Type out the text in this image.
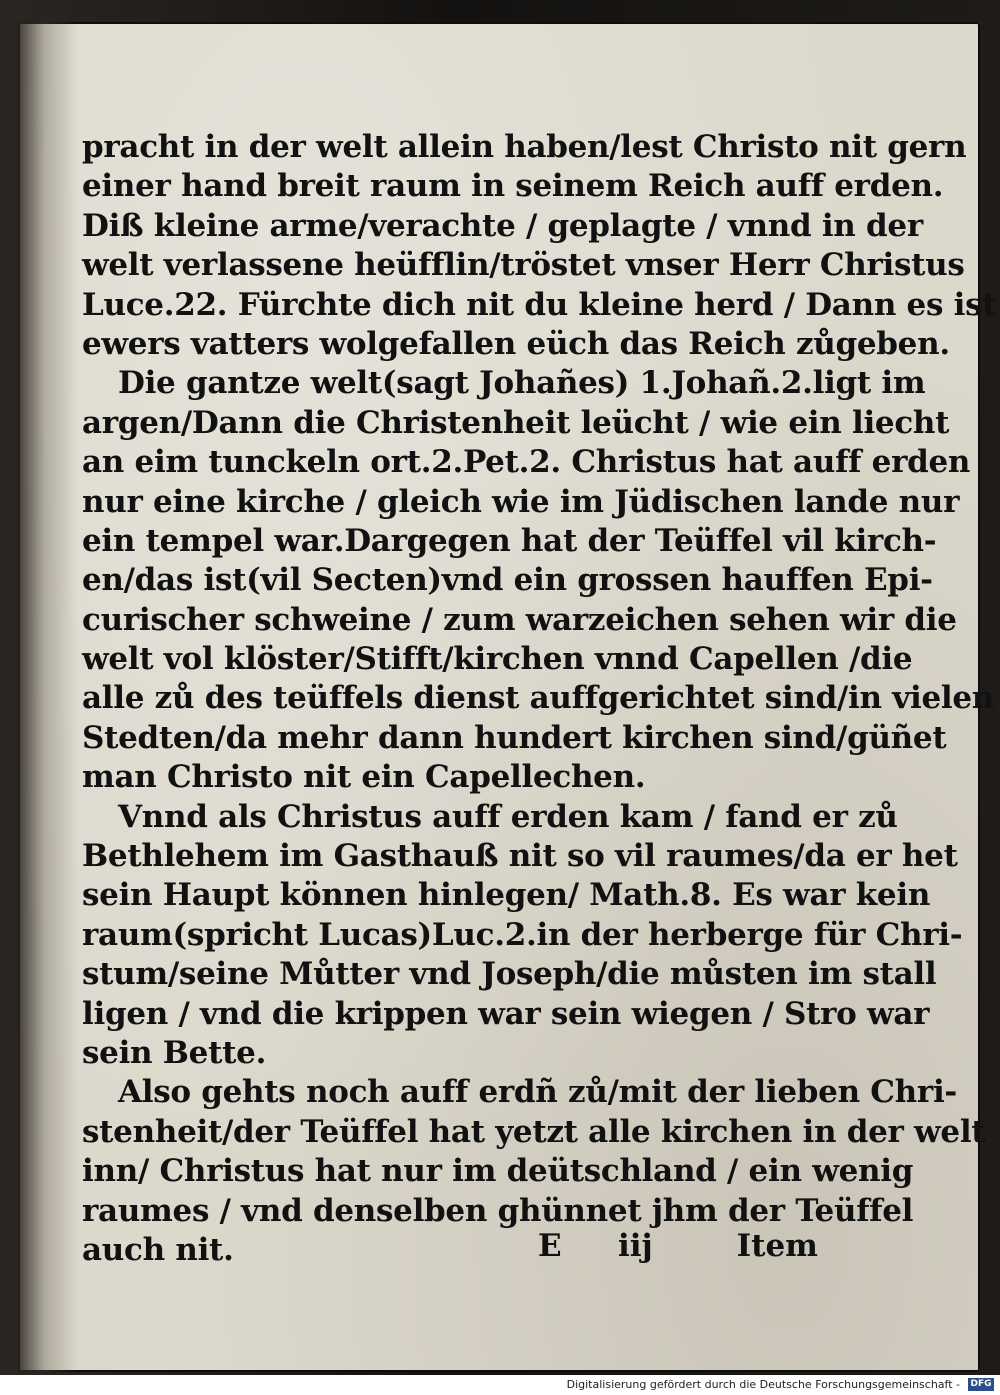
pracht in der welt allein haben/lest Christo nit gern
einer hand breit raum in seinem Reich auff erden.
Diß kleine arme/verachte / geplagte / vnnd in der
welt verlassene heüfflin/tröstet vnser Herr Christus
Luce.22. Fürchte dich nit du kleine herd / Dann es ist
ewers vatters wolgefallen eüch das Reich zůgeben.
Die gantze welt(sagt Johañes) 1.Johañ.2.ligt im
argen/Dann die Christenheit leücht / wie ein liecht
an eim tunckeln ort.2.Pet.2. Christus hat auff erden
nur eine kirche / gleich wie im Jüdischen lande nur
ein tempel war.Dargegen hat der Teüffel vil kirch-
en/das ist(vil Secten)vnd ein grossen hauffen Epi-
curischer schweine / zum warzeichen sehen wir die
welt vol klöster/Stifft/kirchen vnnd Capellen /die
alle zů des teüffels dienst auffgerichtet sind/in vielen
Stedten/da mehr dann hundert kirchen sind/güñet
man Christo nit ein Capellechen.
Vnnd als Christus auff erden kam / fand er zů
Bethlehem im Gasthauß nit so vil raumes/da er het
sein Haupt können hinlegen/ Math.8. Es war kein
raum(spricht Lucas)Luc.2.in der herberge für Chri-
stum/seine Můtter vnd Joseph/die můsten im stall
ligen / vnd die krippen war sein wiegen / Stro war
sein Bette.
Also gehts noch auff erdñ zů/mit der lieben Chri-
stenheit/der Teüffel hat yetzt alle kirchen in der welt
inn/ Christus hat nur im deütschland / ein wenig
raumes / vnd denselben ghünnet jhm der Teüffel
auch nit.	E iij	Item
Digitalisierung gefördert durch die Deutsche Forschungsgemeinschaft - DFG
